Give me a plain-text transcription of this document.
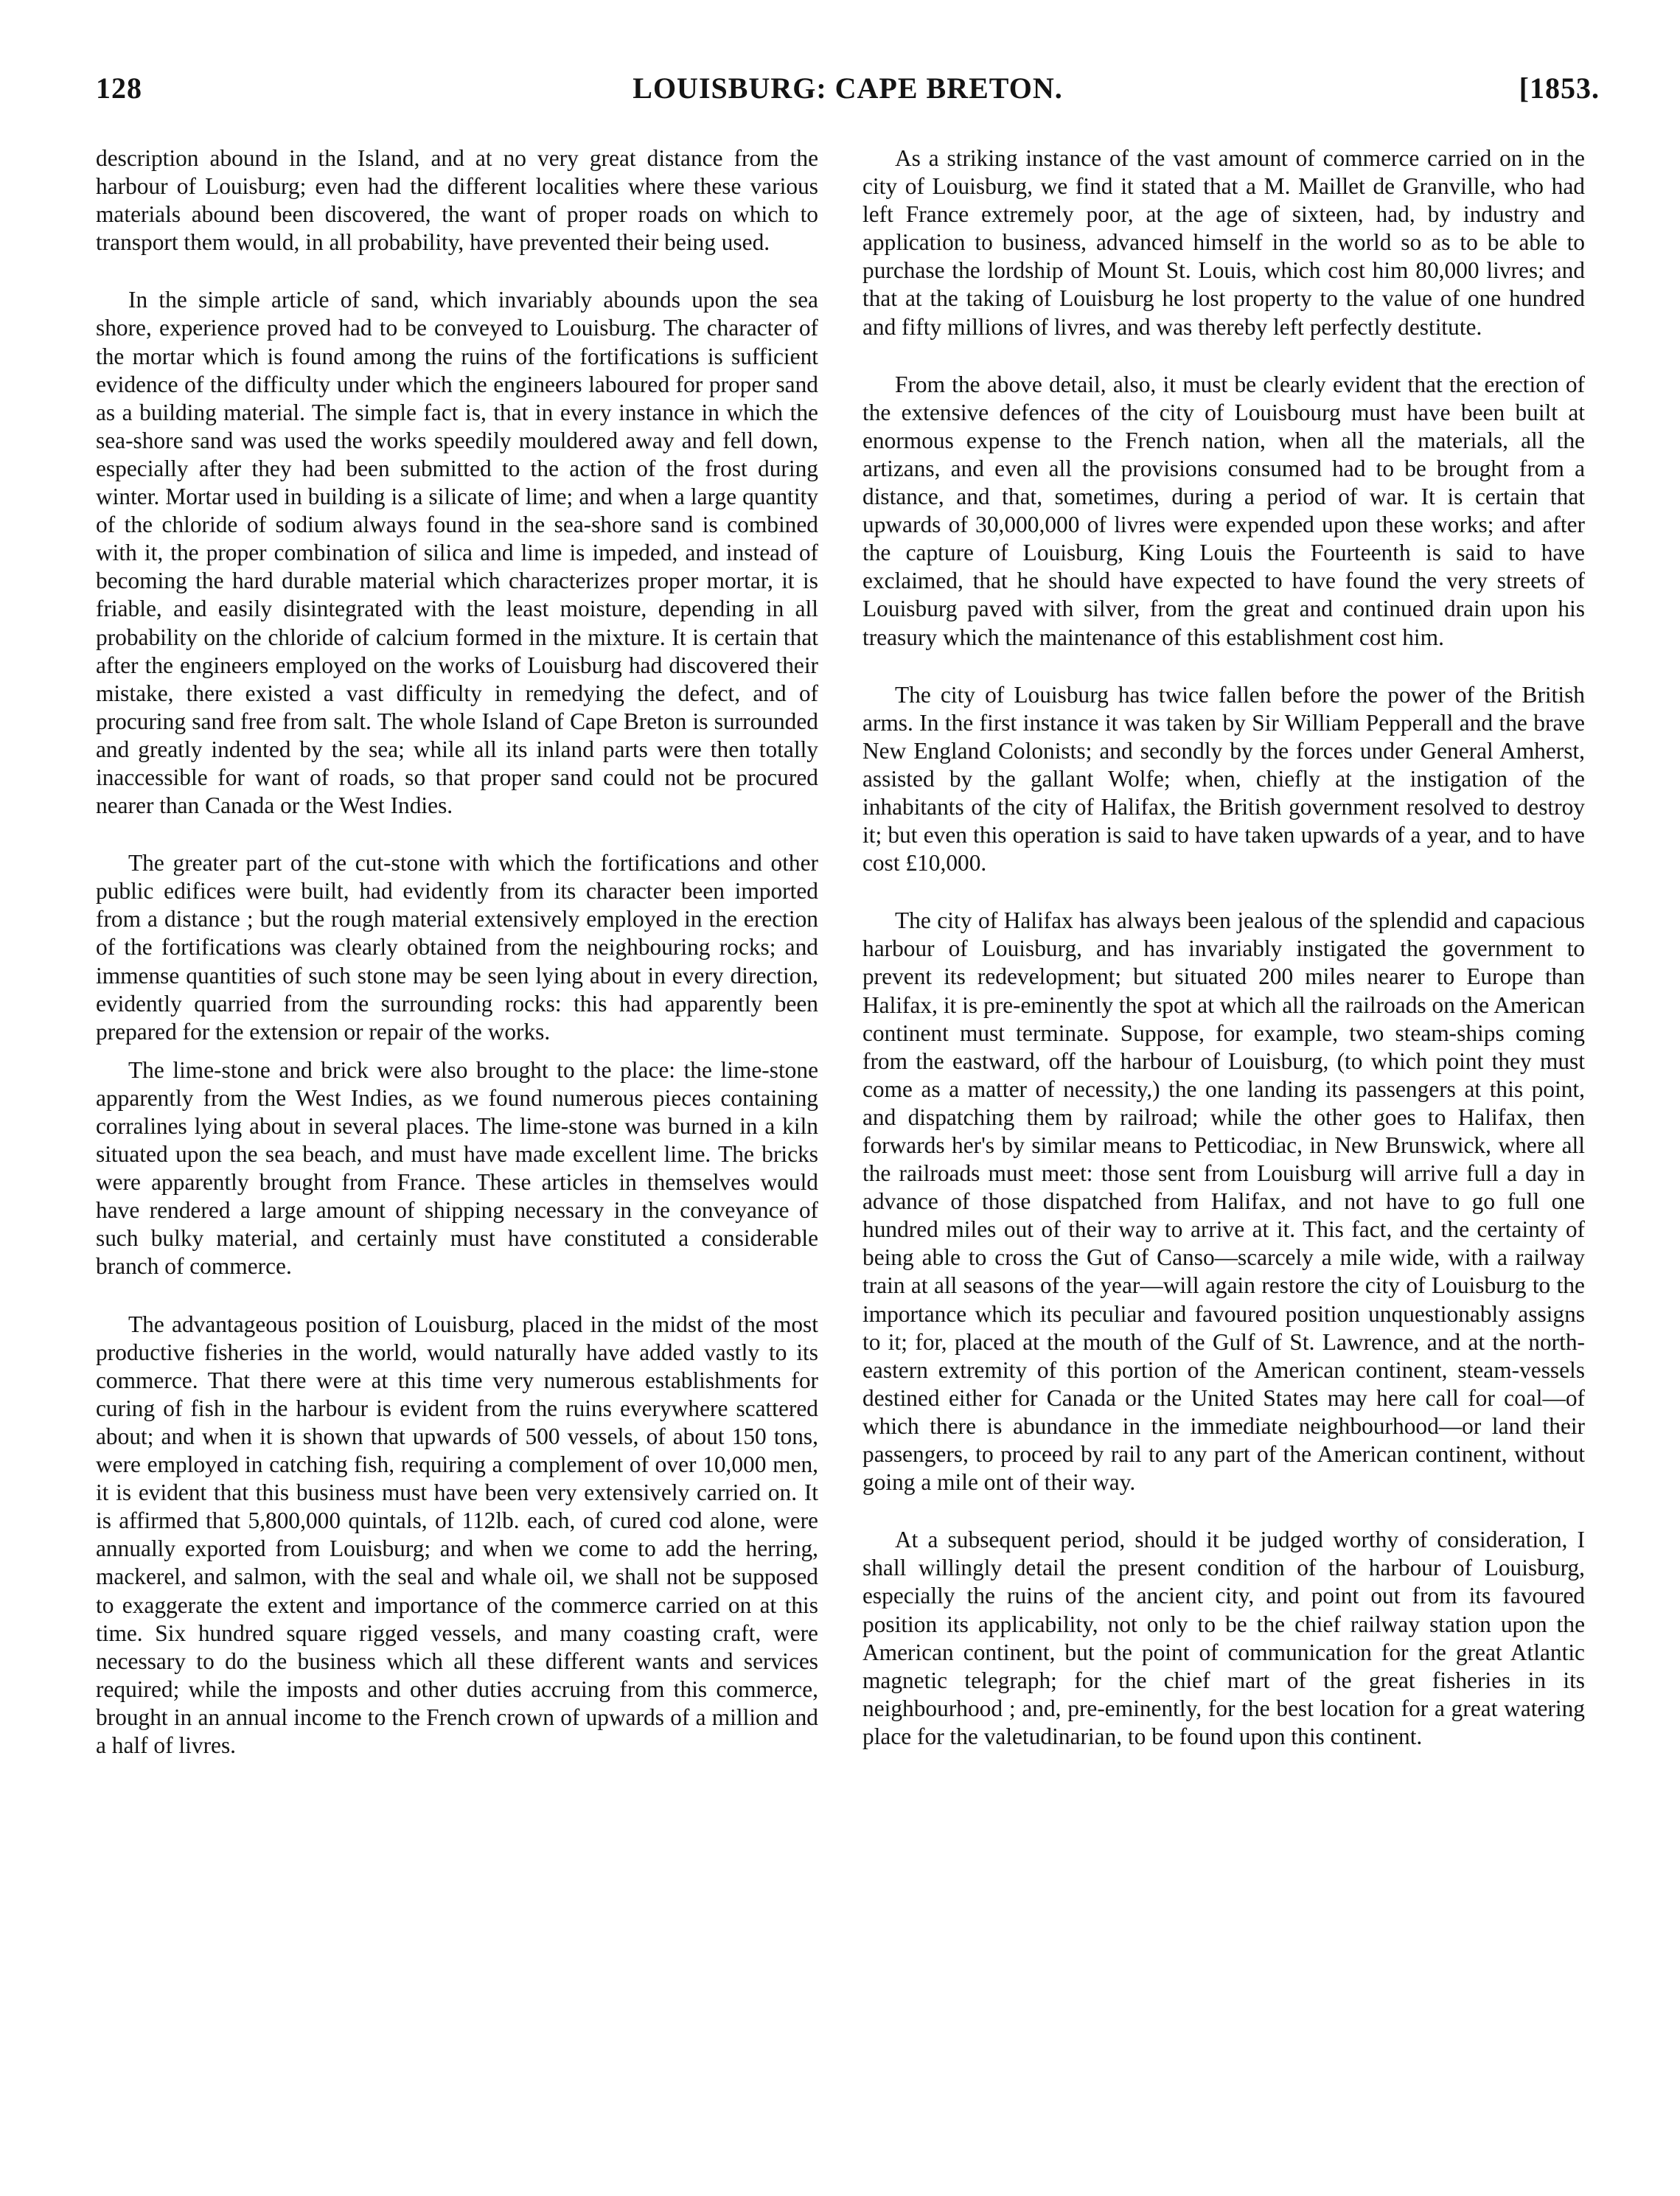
128	LOUISBURG: CAPE BRETON.	[1853.

description abound in the Island, and at no very great distance from the harbour of Louisburg; even had the different localities where these various materials abound been discovered, the want of proper roads on which to transport them would, in all probability, have prevented their being used.

In the simple article of sand, which invariably abounds upon the sea shore, experience proved had to be conveyed to Louisburg. The character of the mortar which is found among the ruins of the fortifications is sufficient evidence of the difficulty under which the engineers laboured for proper sand as a building material. The simple fact is, that in every instance in which the sea-shore sand was used the works speedily mouldered away and fell down, especially after they had been submitted to the action of the frost during winter. Mortar used in building is a silicate of lime; and when a large quantity of the chloride of sodium always found in the sea-shore sand is combined with it, the proper combination of silica and lime is impeded, and instead of becoming the hard durable material which characterizes proper mortar, it is friable, and easily disintegrated with the least moisture, depending in all probability on the chloride of calcium formed in the mixture. It is certain that after the engineers employed on the works of Louisburg had discovered their mistake, there existed a vast difficulty in remedying the defect, and of procuring sand free from salt. The whole Island of Cape Breton is surrounded and greatly indented by the sea; while all its inland parts were then totally inaccessible for want of roads, so that proper sand could not be procured nearer than Canada or the West Indies.

The greater part of the cut-stone with which the fortifications and other public edifices were built, had evidently from its character been imported from a distance ; but the rough material extensively employed in the erection of the fortifications was clearly obtained from the neighbouring rocks; and immense quantities of such stone may be seen lying about in every direction, evidently quarried from the surrounding rocks: this had apparently been prepared for the extension or repair of the works.

The lime-stone and brick were also brought to the place: the lime-stone apparently from the West Indies, as we found numerous pieces containing corralines lying about in several places. The lime-stone was burned in a kiln situated upon the sea beach, and must have made excellent lime. The bricks were apparently brought from France. These articles in themselves would have rendered a large amount of shipping necessary in the conveyance of such bulky material, and certainly must have constituted a considerable branch of commerce.

The advantageous position of Louisburg, placed in the midst of the most productive fisheries in the world, would naturally have added vastly to its commerce. That there were at this time very numerous establishments for curing of fish in the harbour is evident from the ruins everywhere scattered about; and when it is shown that upwards of 500 vessels, of about 150 tons, were employed in catching fish, requiring a complement of over 10,000 men, it is evident that this business must have been very extensively carried on. It is affirmed that 5,800,000 quintals, of 112lb. each, of cured cod alone, were annually exported from Louisburg; and when we come to add the herring, mackerel, and salmon, with the seal and whale oil, we shall not be supposed to exaggerate the extent and importance of the commerce carried on at this time. Six hundred square rigged vessels, and many coasting craft, were necessary to do the business which all these different wants and services required; while the imposts and other duties accruing from this commerce, brought in an annual income to the French crown of upwards of a million and a half of livres.

As a striking instance of the vast amount of commerce carried on in the city of Louisburg, we find it stated that a M. Maillet de Granville, who had left France extremely poor, at the age of sixteen, had, by industry and application to business, advanced himself in the world so as to be able to purchase the lordship of Mount St. Louis, which cost him 80,000 livres; and that at the taking of Louisburg he lost property to the value of one hundred and fifty millions of livres, and was thereby left perfectly destitute.

From the above detail, also, it must be clearly evident that the erection of the extensive defences of the city of Louisbourg must have been built at enormous expense to the French nation, when all the materials, all the artizans, and even all the provisions consumed had to be brought from a distance, and that, sometimes, during a period of war. It is certain that upwards of 30,000,000 of livres were expended upon these works; and after the capture of Louisburg, King Louis the Fourteenth is said to have exclaimed, that he should have expected to have found the very streets of Louisburg paved with silver, from the great and continued drain upon his treasury which the maintenance of this establishment cost him.

The city of Louisburg has twice fallen before the power of the British arms. In the first instance it was taken by Sir William Pepperall and the brave New England Colonists; and secondly by the forces under General Amherst, assisted by the gallant Wolfe; when, chiefly at the instigation of the inhabitants of the city of Halifax, the British government resolved to destroy it; but even this operation is said to have taken upwards of a year, and to have cost £10,000.

The city of Halifax has always been jealous of the splendid and capacious harbour of Louisburg, and has invariably instigated the government to prevent its redevelopment; but situated 200 miles nearer to Europe than Halifax, it is pre-eminently the spot at which all the railroads on the American continent must terminate. Suppose, for example, two steam-ships coming from the eastward, off the harbour of Louisburg, (to which point they must come as a matter of necessity,) the one landing its passengers at this point, and dispatching them by railroad; while the other goes to Halifax, then forwards her's by similar means to Petticodiac, in New Brunswick, where all the railroads must meet: those sent from Louisburg will arrive full a day in advance of those dispatched from Halifax, and not have to go full one hundred miles out of their way to arrive at it. This fact, and the certainty of being able to cross the Gut of Canso—scarcely a mile wide, with a railway train at all seasons of the year—will again restore the city of Louisburg to the importance which its peculiar and favoured position unquestionably assigns to it; for, placed at the mouth of the Gulf of St. Lawrence, and at the north-eastern extremity of this portion of the American continent, steam-vessels destined either for Canada or the United States may here call for coal—of which there is abundance in the immediate neighbourhood—or land their passengers, to proceed by rail to any part of the American continent, without going a mile ont of their way.

At a subsequent period, should it be judged worthy of consideration, I shall willingly detail the present condition of the harbour of Louisburg, especially the ruins of the ancient city, and point out from its favoured position its applicability, not only to be the chief railway station upon the American continent, but the point of communication for the great Atlantic magnetic telegraph; for the chief mart of the great fisheries in its neighbourhood ; and, pre-eminently, for the best location for a great watering place for the valetudinarian, to be found upon this continent.
